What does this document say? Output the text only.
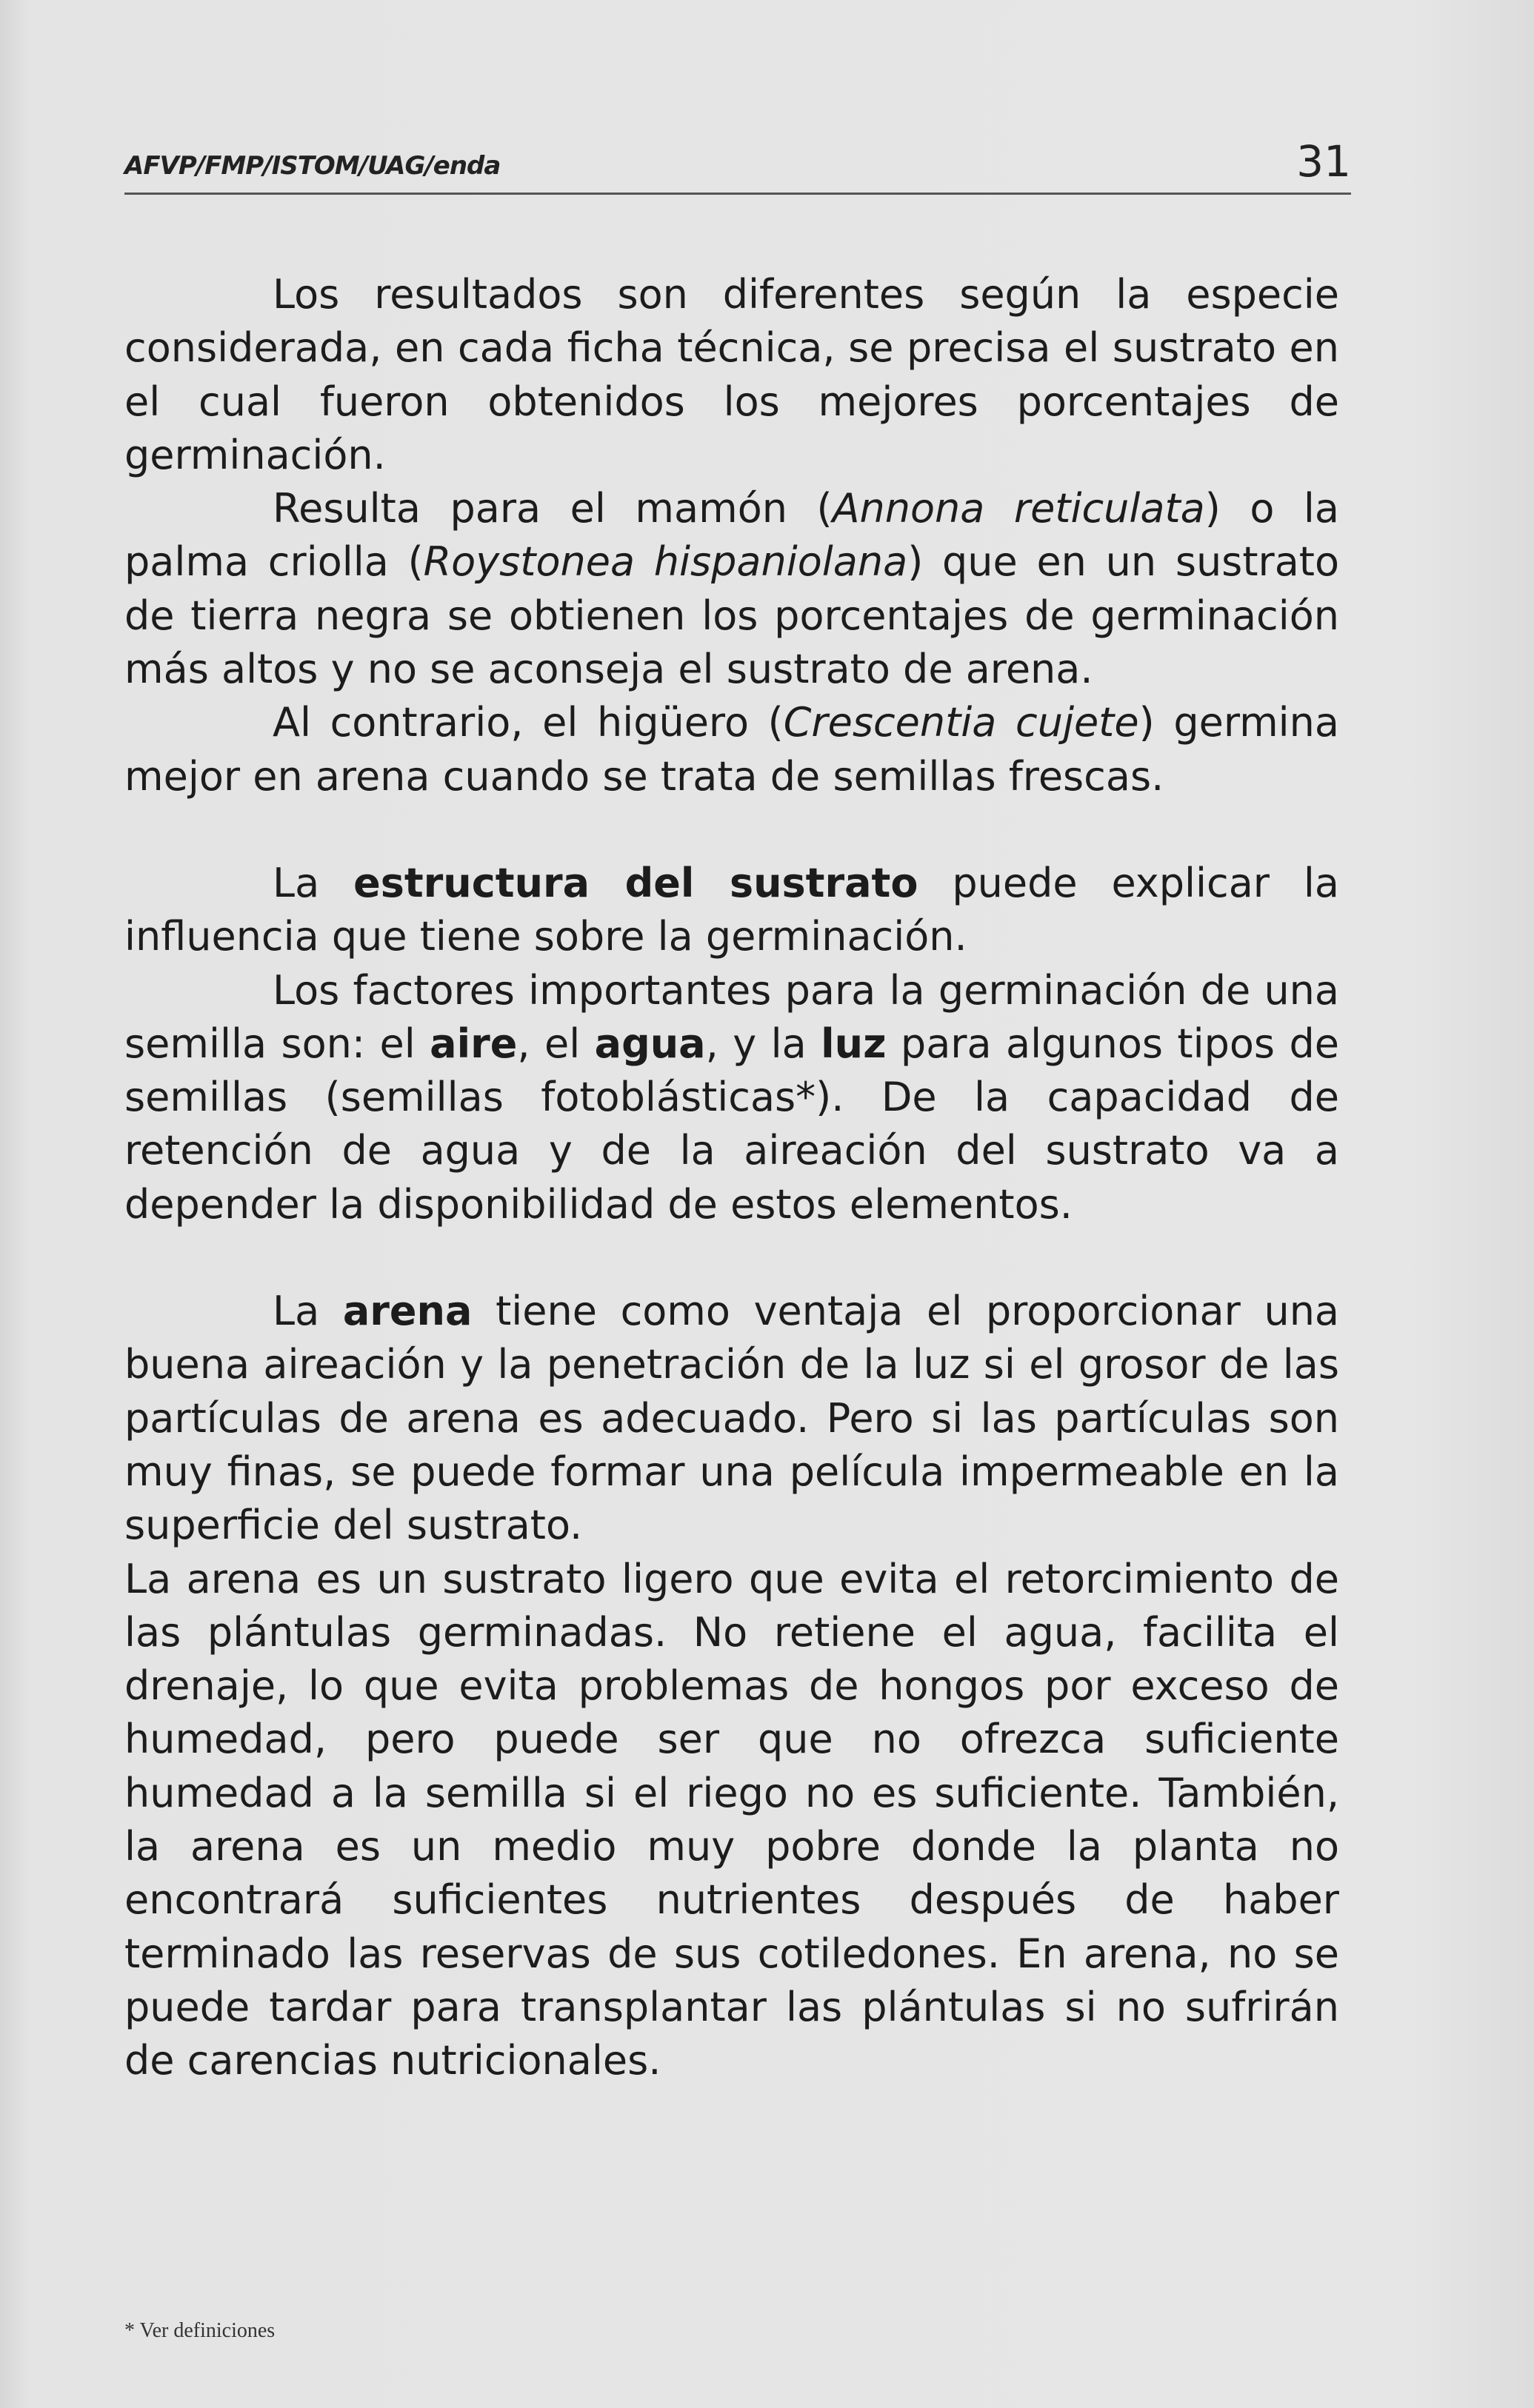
AFVP/FMP/ISTOM/UAG/enda	31

Los resultados son diferentes según la especie considerada, en cada ficha técnica, se precisa el sustrato en el cual fueron obtenidos los mejores porcentajes de germinación.

Resulta para el mamón (Annona reticulata) o la palma criolla (Roystonea hispaniolana) que en un sustrato de tierra negra se obtienen los porcentajes de germinación más altos y no se aconseja el sustrato de arena.

Al contrario, el higüero (Crescentia cujete) germina mejor en arena cuando se trata de semillas frescas.

La estructura del sustrato puede explicar la influencia que tiene sobre la germinación.

Los factores importantes para la germinación de una semilla son: el aire, el agua, y la luz para algunos tipos de semillas (semillas fotoblásticas*). De la capacidad de retención de agua y de la aireación del sustrato va a depender la disponibilidad de estos elementos.

La arena tiene como ventaja el proporcionar una buena aireación y la penetración de la luz si el grosor de las partículas de arena es adecuado. Pero si las partículas son muy finas, se puede formar una película impermeable en la superficie del sustrato.

La arena es un sustrato ligero que evita el retorcimiento de las plántulas germinadas. No retiene el agua, facilita el drenaje, lo que evita problemas de hongos por exceso de humedad, pero puede ser que no ofrezca suficiente humedad a la semilla si el riego no es suficiente. También, la arena es un medio muy pobre donde la planta no encontrará suficientes nutrientes después de haber terminado las reservas de sus cotiledones. En arena, no se puede tardar para transplantar las plántulas si no sufrirán de carencias nutricionales.

* Ver definiciones
